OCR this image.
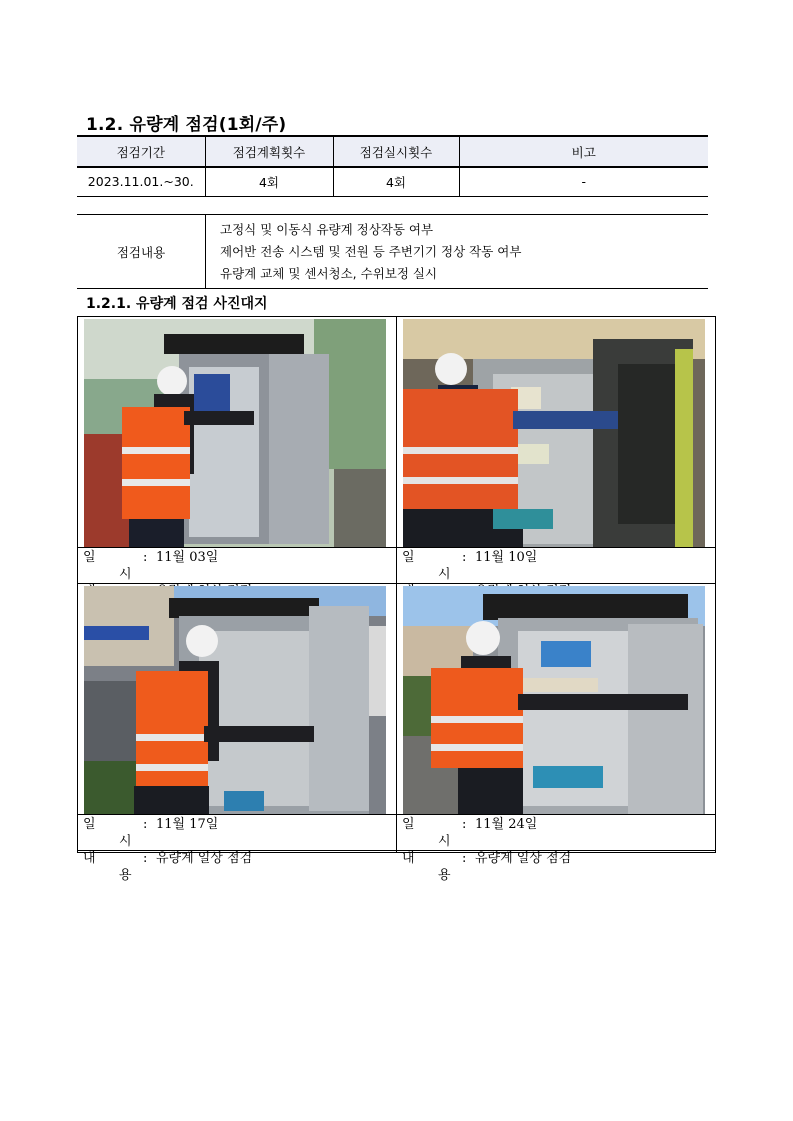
1.2. 유량계 점검(1회/주)
점검기간	점검계획횟수	점검실시횟수	비고
2023.11.01.~30.	4회	4회	-
점검내용	
고정식 및 이동식 유량계 정상작동 여부
제어반 전송 시스템 및 전원 등 주변기기 정상 작동 여부
유량계 교체 및 센서청소, 수위보정 실시
1.2.1. 유량계 점검 사진대지
일시
: 11월 03일	일시
: 11월 10일
일시
: 11월 17일
내용
: 유량계 일상 점검
일시
: 11월 24일
내용
: 유량계 일상 점검
